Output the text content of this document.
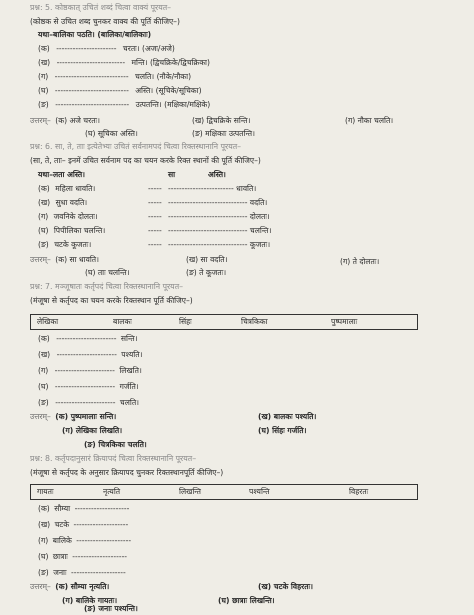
प्रश्न: 5. कोष्ठकात् उचितं शब्दं चित्वा वाक्यं पूरयत–
(कोष्ठक से उचित शब्द चुनकर वाक्य की पूर्ति कीजिए–)
यथा–बालिका पठति। (बालिका/बालिकाः)
(क) ---------------------- चरतः। (अजः/अजे)
(ख) ------------------------- मन्ति। (द्विचक्रिके/द्विचक्रिका)
(ग) --------------------------- चलति। (नौके/नौका)
(घ) --------------------------- अस्ति। (सूचिके/सूचिका)
(ङ) --------------------------- उत्पतन्ति। (मक्षिका/मक्षिके)
उत्तरम्– (क) अजे चरतः।	(ख) द्विचक्रिके सन्ति।	(ग) नौका चलति।
(घ) सूचिका अस्ति।	(ङ) मक्षिकाः उत्पतन्ति।
प्रश्न: 6. सा, ते, ताः इत्येतेभ्यः उचितं सर्वनामपदं चित्वा रिक्तस्थानानि पूरयत–
(सा, ते, ताः– इनमें उचित सर्वनाम पद का चयन करके रिक्त स्थानों की पूर्ति कीजिए–)
यथा–लता अस्ति।	सा	अस्ति।
(क) महिला धावति।	----- ------------------------ धावति।
(ख) सुधा वदति।	----- ----------------------------- वदति।
(ग) जवनिके दोलतः।	----- ----------------------------- दोलतः।
(घ) पिपीलिका चलन्ति।	----- ----------------------------- चलन्ति।
(ङ) चटके कूजतः।	----- ----------------------------- कूजतः।
उत्तरम्– (क) सा धावति।	(ख) सा वदति।	(ग) ते दोलतः।
(घ) ताः चलन्ति।	(ङ) ते कूजतः।
प्रश्न: 7. मञ्जूषातः कर्तृपदं चित्वा रिक्तस्थानानि पूरयत–
(मंजूषा से कर्तृपद का चयन करके रिक्तस्थान पूर्ति कीजिए–)
लेखिका	बालकः	सिंहः	चित्रकिका	पुष्पमालाः
(क) ---------------------- सन्ति।
(ख) ---------------------- पश्यति।
(ग) ---------------------- लिखति।
(घ) ---------------------- गर्जति।
(ङ) ---------------------- चलति।
उत्तरम्– (क) पुष्पमालाः सन्ति।	(ख) बालकः पश्यति।
(ग) लेखिका लिखति।	(घ) सिंहः गर्जति।
(ङ) चित्रकिका चलति।
प्रश्न: 8. कर्तृपदानुसारं क्रियापदं चित्वा रिक्तस्थानानि पूरयत–
(मंजूषा से कर्तृपद के अनुसार क्रियापद चुनकर रिक्तस्थानपूर्ति कीजिए–)
गायतः	नृत्यति	लिखन्ति	पश्यन्ति	विहरतः
(क) सौम्या --------------------
(ख) चटके --------------------
(ग) बालिके --------------------
(घ) छात्राः --------------------
(ङ) जनाः --------------------
उत्तरम्– (क) सौम्या नृत्यति।	(ख) चटके विहरतः।
(ग) बालिके गायतः।	(घ) छात्राः लिखन्ति।
(ङ) जनाः पश्यन्ति।
